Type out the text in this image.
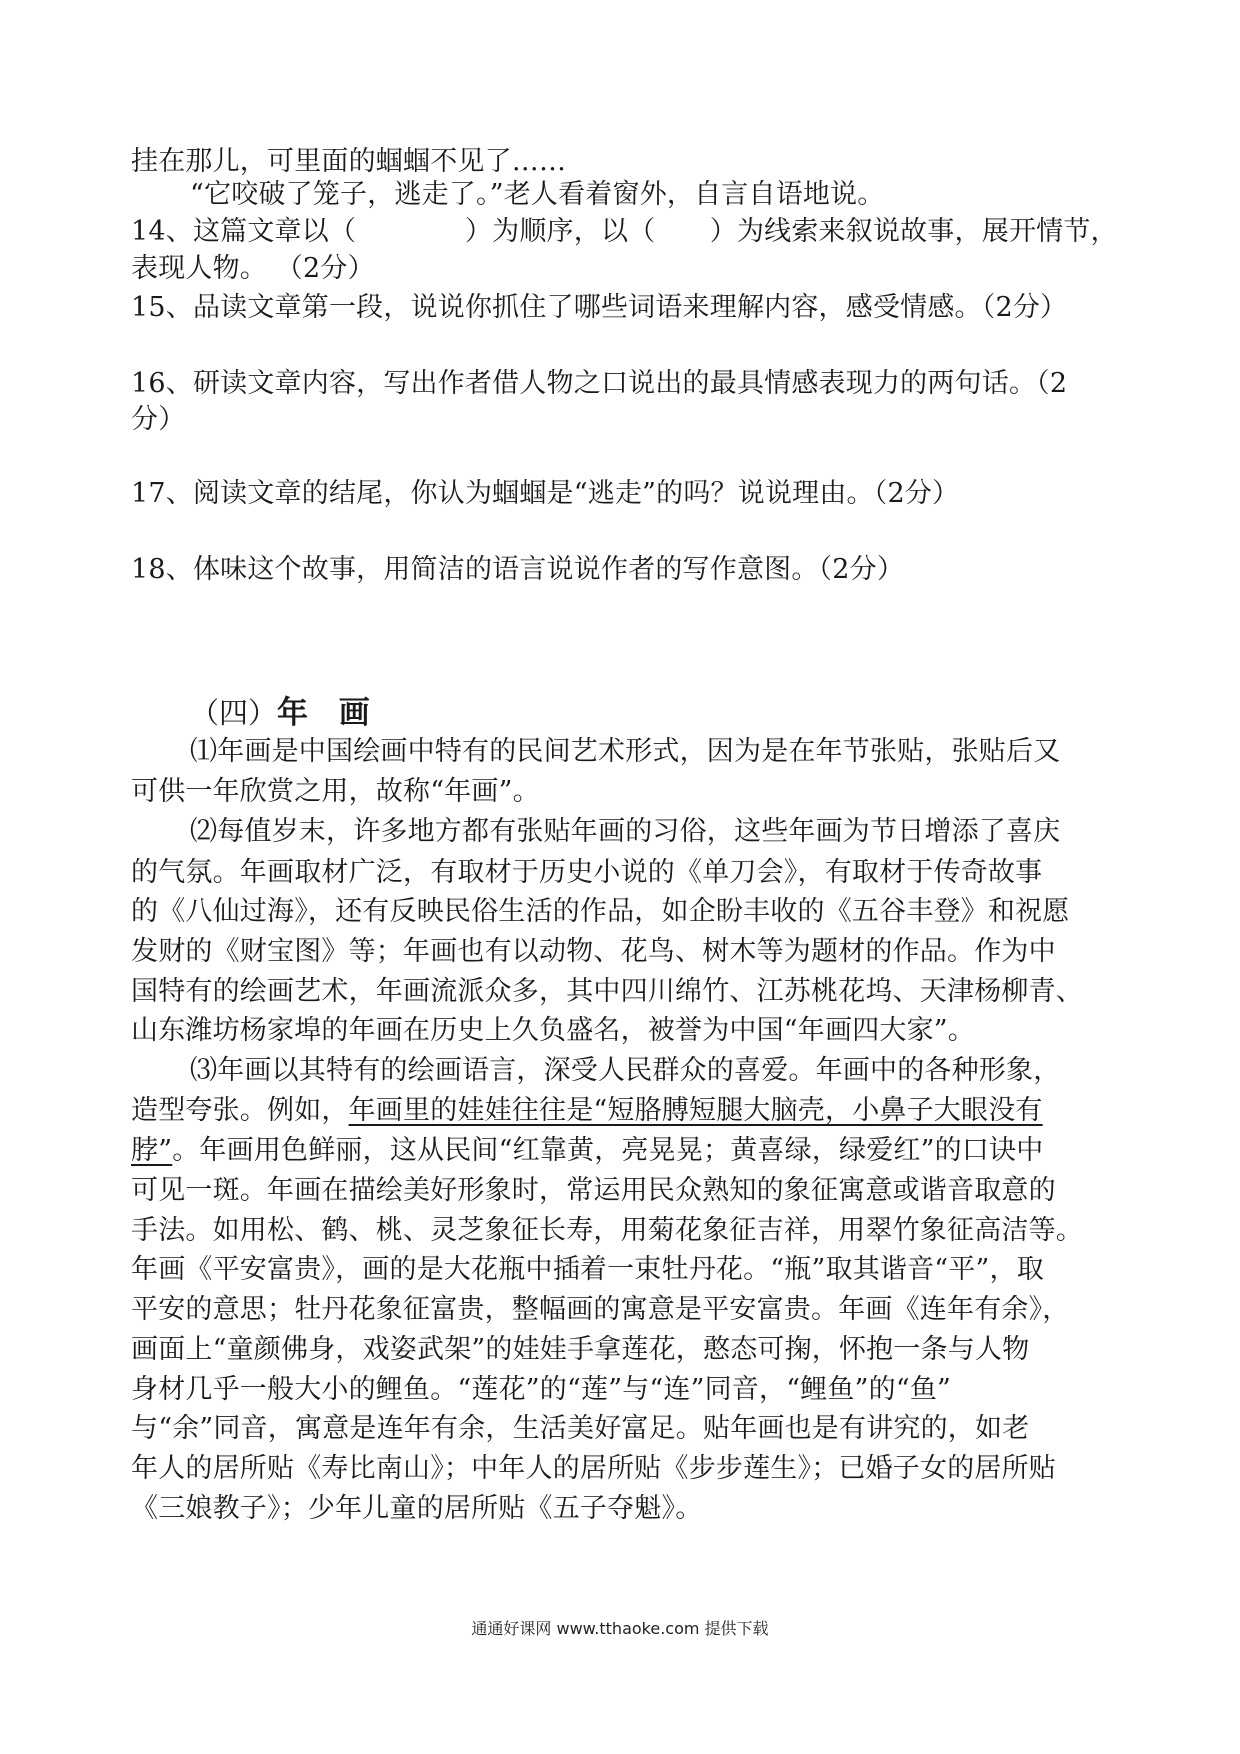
挂在那儿，可里面的蝈蝈不见了……
“它咬破了笼子，逃走了。”老人看着窗外，自言自语地说。
14、这篇文章以（　　　　）为顺序，以（　　）为线索来叙说故事，展开情节，
表现人物。 （2分）
15、品读文章第一段，说说你抓住了哪些词语来理解内容，感受情感。（2分）
16、研读文章内容，写出作者借人物之口说出的最具情感表现力的两句话。（2
分）
17、阅读文章的结尾，你认为蝈蝈是“逃走”的吗？说说理由。（2分）
18、体味这个故事，用简洁的语言说说作者的写作意图。（2分）
（四）年 画
⑴年画是中国绘画中特有的民间艺术形式，因为是在年节张贴，张贴后又
可供一年欣赏之用，故称“年画”。
⑵每值岁末，许多地方都有张贴年画的习俗，这些年画为节日增添了喜庆
的气氛。年画取材广泛，有取材于历史小说的《单刀会》，有取材于传奇故事
的《八仙过海》，还有反映民俗生活的作品，如企盼丰收的《五谷丰登》和祝愿
发财的《财宝图》等；年画也有以动物、花鸟、树木等为题材的作品。作为中
国特有的绘画艺术，年画流派众多，其中四川绵竹、江苏桃花坞、天津杨柳青、
山东潍坊杨家埠的年画在历史上久负盛名，被誉为中国“年画四大家”。
⑶年画以其特有的绘画语言，深受人民群众的喜爱。年画中的各种形象，
造型夸张。例如，年画里的娃娃往往是“短胳膊短腿大脑壳，小鼻子大眼没有
脖”。年画用色鲜丽，这从民间“红靠黄，亮晃晃；黄喜绿，绿爱红”的口诀中
可见一斑。年画在描绘美好形象时，常运用民众熟知的象征寓意或谐音取意的
手法。如用松、鹤、桃、灵芝象征长寿，用菊花象征吉祥，用翠竹象征高洁等。
年画《平安富贵》，画的是大花瓶中插着一束牡丹花。“瓶”取其谐音“平”，取
平安的意思；牡丹花象征富贵，整幅画的寓意是平安富贵。年画《连年有余》，
画面上“童颜佛身，戏姿武架”的娃娃手拿莲花，憨态可掬，怀抱一条与人物
身材几乎一般大小的鲤鱼。“莲花”的“莲”与“连”同音，“鲤鱼”的“鱼”
与“余”同音，寓意是连年有余，生活美好富足。贴年画也是有讲究的，如老
年人的居所贴《寿比南山》；中年人的居所贴《步步莲生》；已婚子女的居所贴
《三娘教子》；少年儿童的居所贴《五子夺魁》。
通通好课网 www.tthaoke.com 提供下载
